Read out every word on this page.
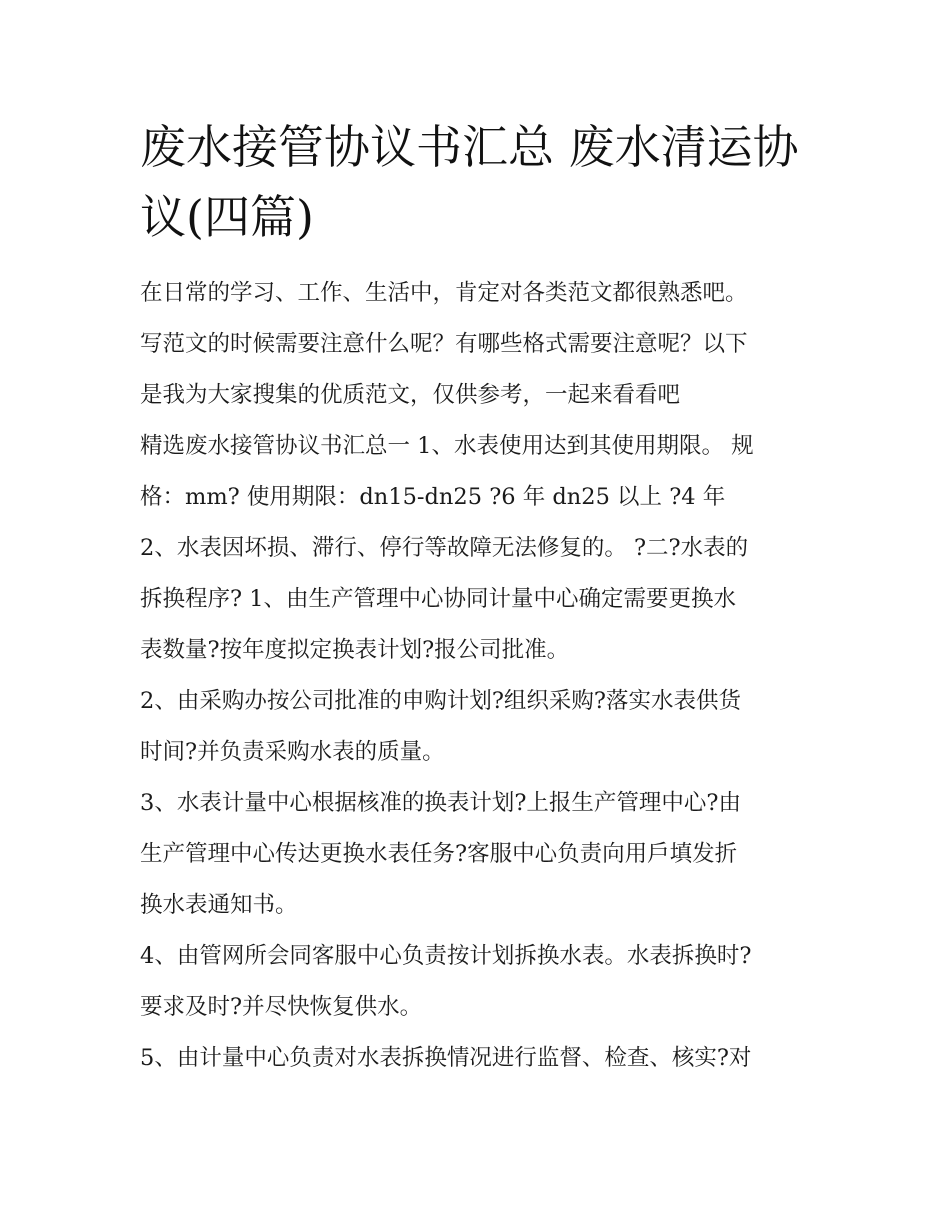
废水接管协议书汇总 废水清运协议(四篇)

在日常的学习、工作、生活中，肯定对各类范文都很熟悉吧。

写范文的时候需要注意什么呢？有哪些格式需要注意呢？以下

是我为大家搜集的优质范文，仅供参考，一起来看看吧

精选废水接管协议书汇总一 1、水表使用达到其使用期限。 规

格：mm? 使用期限：dn15-dn25 ?6 年 dn25 以上 ?4 年

2、水表因坏损、滞行、停行等故障无法修复的。 ?二?水表的

拆换程序? 1、由生产管理中心协同计量中心确定需要更换水

表数量?按年度拟定换表计划?报公司批准。

2、由采购办按公司批准的申购计划?组织采购?落实水表供货

时间?并负责采购水表的质量。

3、水表计量中心根据核准的换表计划?上报生产管理中心?由

生产管理中心传达更换水表任务?客服中心负责向用戶填发折

换水表通知书。

4、由管网所会同客服中心负责按计划拆换水表。水表拆换时?

要求及时?并尽快恢复供水。

5、由计量中心负责对水表拆换情况进行监督、检查、核实?对
